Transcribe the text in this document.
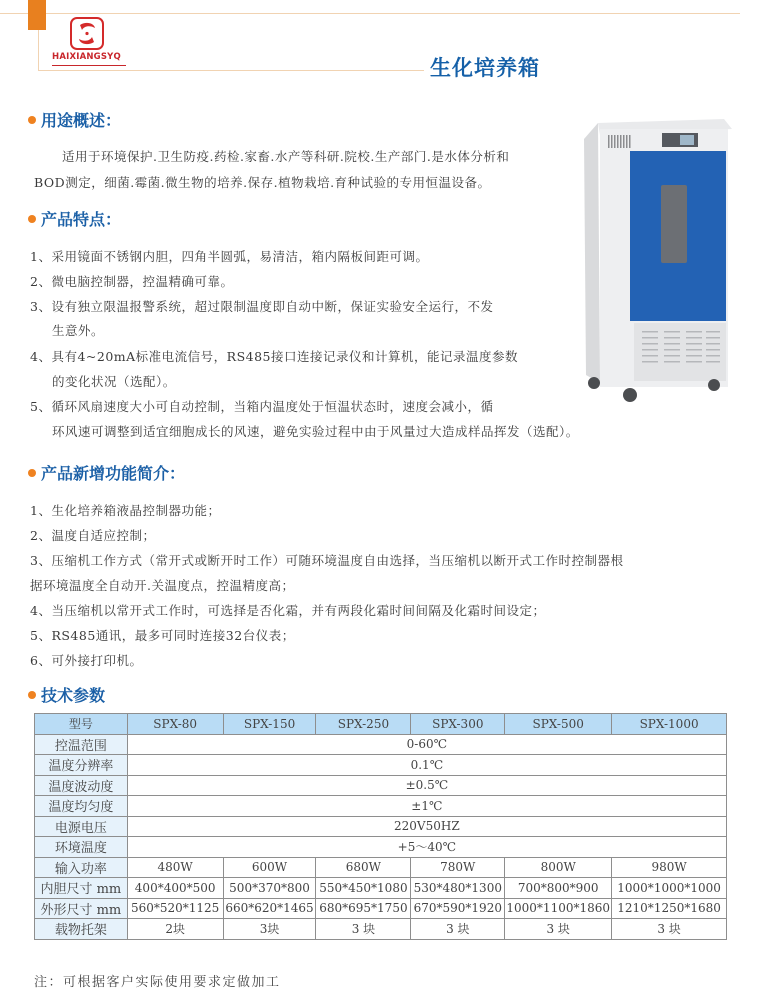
HAIXIANGSYQ	生化培养箱
用途概述：
适用于环境保护.卫生防疫.药检.家畜.水产等科研.院校.生产部门.是水体分析和
BOD测定，细菌.霉菌.微生物的培养.保存.植物栽培.育种试验的专用恒温设备。
产品特点：
1、采用镜面不锈钢内胆，四角半圆弧，易清洁，箱内隔板间距可调。
2、微电脑控制器，控温精确可靠。
3、设有独立限温报警系统，超过限制温度即自动中断，保证实验安全运行，不发
生意外。
4、具有4~20mA标准电流信号，RS485接口连接记录仪和计算机，能记录温度参数
的变化状况（选配）。
5、循环风扇速度大小可自动控制，当箱内温度处于恒温状态时，速度会减小，循
环风速可调整到适宜细胞成长的风速，避免实验过程中由于风量过大造成样品挥发（选配）。
产品新增功能简介：
1、生化培养箱液晶控制器功能；
2、温度自适应控制；
3、压缩机工作方式（常开式或断开时工作）可随环境温度自由选择，当压缩机以断开式工作时控制器根
据环境温度全自动开.关温度点，控温精度高；
4、当压缩机以常开式工作时，可选择是否化霜，并有两段化霜时间间隔及化霜时间设定；
5、RS485通讯，最多可同时连接32台仪表；
6、可外接打印机。
技术参数
型号	SPX-80	SPX-150	SPX-250	SPX-300	SPX-500	SPX-1000
控温范围	0-60℃					
温度分辨率	0.1℃					
温度波动度	±0.5℃					
温度均匀度	±1℃					
电源电压	220V50HZ					
环境温度	+5～40℃					
输入功率	480W	600W	680W	780W	800W	980W
内胆尺寸 mm	400*400*500	500*370*800	550*450*1080	530*480*1300	700*800*900	1000*1000*1000
外形尺寸 mm	560*520*1125	660*620*1465	680*695*1750	670*590*1920	1000*1100*1860	1210*1250*1680
载物托架	2块	3块	3 块	3 块	3 块	3 块
注：可根据客户实际使用要求定做加工
